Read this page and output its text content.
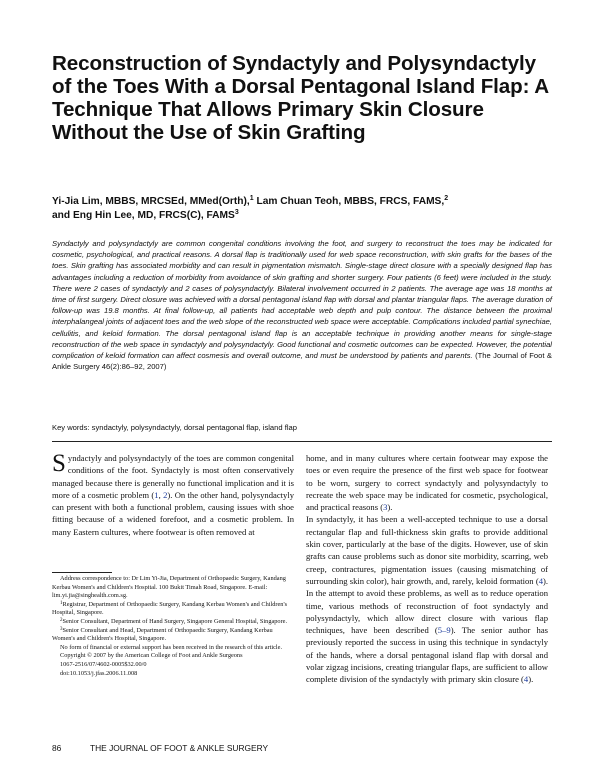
Reconstruction of Syndactyly and Polysyndactyly of the Toes With a Dorsal Pentagonal Island Flap: A Technique That Allows Primary Skin Closure Without the Use of Skin Grafting
Yi-Jia Lim, MBBS, MRCSEd, MMed(Orth),$^1$ Lam Chuan Teoh, MBBS, FRCS, FAMS,$^2$
and Eng Hin Lee, MD, FRCS(C), FAMS$^3$
Syndactyly and polysyndactyly are common congenital conditions involving the foot, and surgery to reconstruct the toes may be indicated for cosmetic, psychological, and practical reasons. A dorsal flap is traditionally used for web space reconstruction, with skin grafts for the bases of the toes. Skin grafting has associated morbidity and can result in pigmentation mismatch. Single-stage direct closure with a specially designed flap has advantages including a reduction of morbidity from avoidance of skin grafting and shorter surgery. Four patients (6 feet) were included in the study. There were 2 cases of syndactyly and 2 cases of polysyndactyly. Bilateral involvement occurred in 2 patients. The average age was 18 months at time of first surgery. Direct closure was achieved with a dorsal pentagonal island flap with dorsal and plantar triangular flaps. The average duration of follow-up was 19.8 months. At final follow-up, all patients had acceptable web depth and pulp contour. The distance between the proximal interphalangeal joints of adjacent toes and the web slope of the reconstructed web space were acceptable. Complications included partial synechiae, cellulitis, and keloid formation. The dorsal pentagonal island flap is an acceptable technique in providing another means for single-stage reconstruction of the web space in syndactyly and polysyndactyly. Good functional and cosmetic outcomes can be expected. However, the potential complication of keloid formation can affect cosmesis and overall outcome, and must be understood by patients and parents. (The Journal of Foot & Ankle Surgery 46(2):86–92, 2007)
Key words: syndactyly, polysyndactyly, dorsal pentagonal flap, island flap
Syndactyly and polysyndactyly of the toes are common congenital conditions of the foot. Syndactyly is most often conservatively managed because there is generally no functional implication and it is more of a cosmetic problem (1, 2). On the other hand, polysyndactyly can present with both a functional problem, causing issues with shoe fitting because of a widened forefoot, and a cosmetic problem. In many Eastern cultures, where footwear is often removed at

Address correspondence to: Dr Lim Yi-Jia, Department of Orthopaedic Surgery, Kandang Kerbau Women's and Children's Hospital. 100 Bukit Timah Road, Singapore. E-mail: lim.yi.jia@singhealth.com.sg.

$^1$Registrar, Department of Orthopaedic Surgery, Kandang Kerbau Women's and Children's Hospital, Singapore.

$^2$Senior Consultant, Department of Hand Surgery, Singapore General Hospital, Singapore.

$^3$Senior Consultant and Head, Department of Orthopaedic Surgery, Kandang Kerbau Women's and Children's Hospital, Singapore.

No form of financial or external support has been received in the research of this article.

Copyright © 2007 by the American College of Foot and Ankle Surgeons

1067-2516/07/4602-0005$32.00/0

doi:10.1053/j.jfas.2006.11.008

home, and in many cultures where certain footwear may expose the toes or even require the presence of the first web space for footwear to be worn, surgery to correct syndactyly and polysyndactyly to recreate the web space may be indicated for cosmetic, psychological, and practical reasons (3).
In syndactyly, it has been a well-accepted technique to use a dorsal rectangular flap and full-thickness skin grafts to provide additional skin cover, particularly at the base of the digits. However, use of skin grafts can cause problems such as donor site morbidity, scarring, web creep, contractures, pigmentation issues (causing mismatching of surrounding skin color), hair growth, and, rarely, keloid formation (4). In the attempt to avoid these problems, as well as to reduce operation time, various methods of reconstruction of foot syndactyly and polysyndactyly, which allow direct closure with various flap techniques, have been described (5–9). The senior author has previously reported the success in using this technique in syndactyly of the hands, where a dorsal pentagonal island flap with dorsal and volar zigzag incisions, creating triangular flaps, are sufficient to allow complete division of the syndactyly with primary skin closure (4).
86	THE JOURNAL OF FOOT & ANKLE SURGERY
